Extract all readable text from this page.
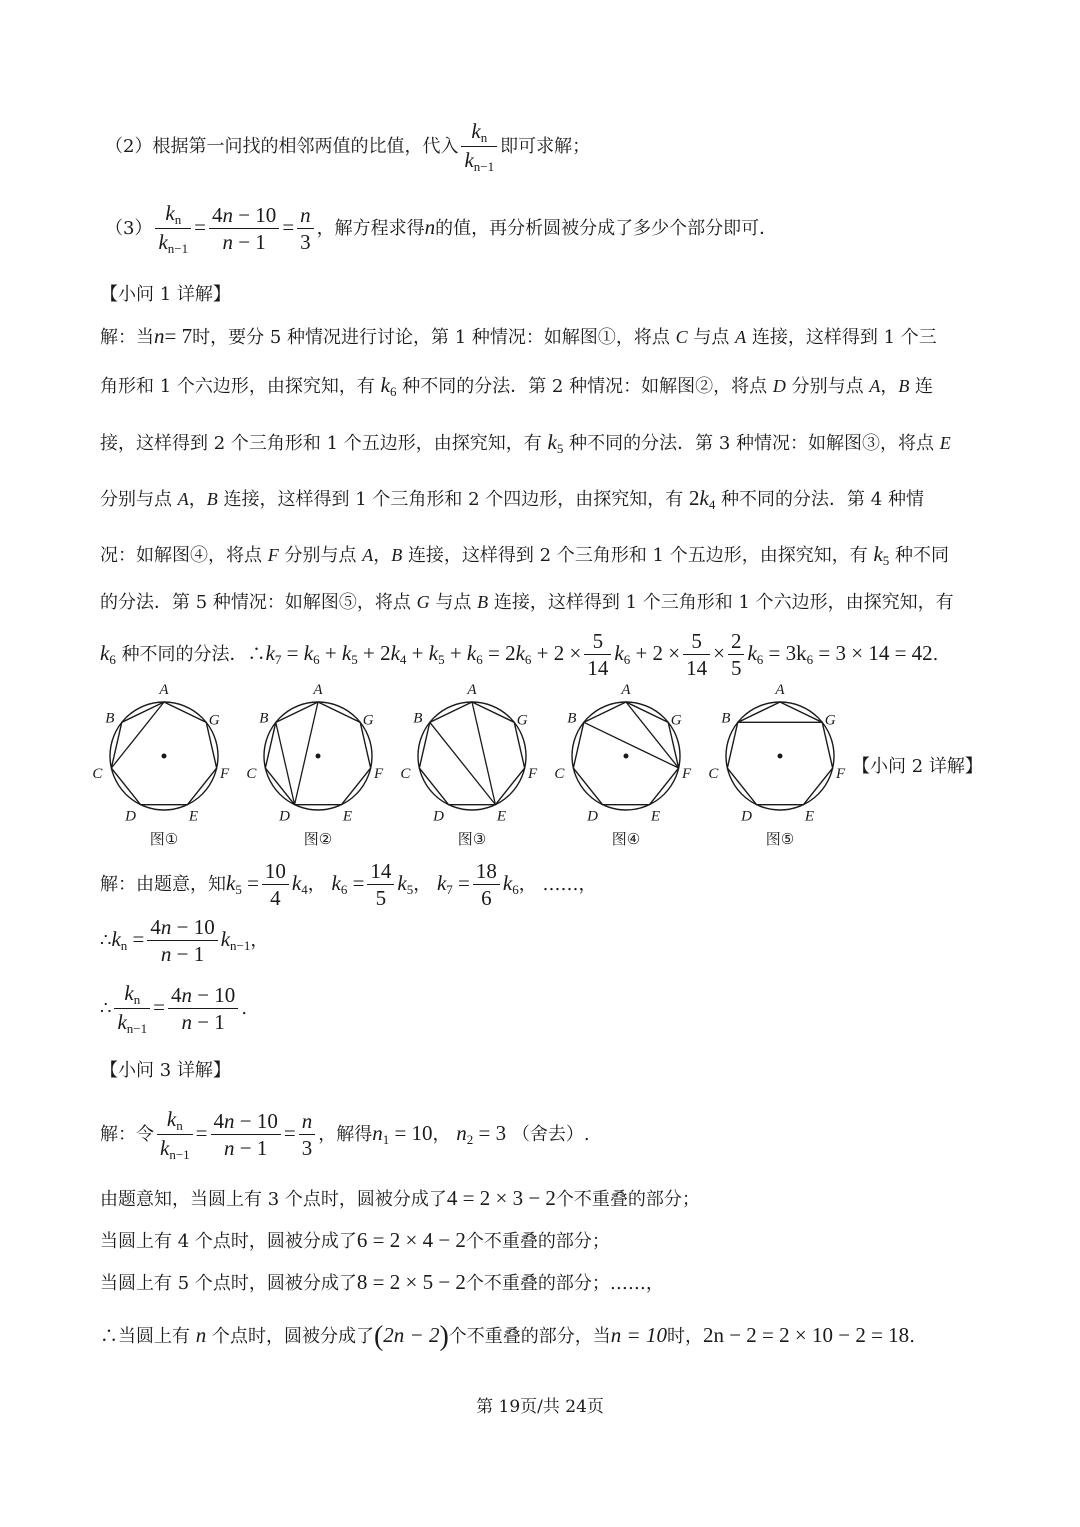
（2）根据第一问找的相邻两值的比值，代入 $\frac{k_n}{k_{n-1}}$ 即可求解；
$(3) \frac{k_n}{k_{n-1}} = \frac{4n - 10}{n - 1} = \frac{n}{3}$ ，解方程求得n的值，再分析圆被分成了多少个部分即可．
【小问 1 详解】
解：当n= 7时，要分 5 种情况进行讨论，第 1 种情况：如解图①，将点 C 与点 A 连接，这样得到 1 个三
角形和 1 个六边形，由探究知，有 $k_6$ 种不同的分法．第 2 种情况：如解图②，将点 D 分别与点 A，B 连
接，这样得到 2 个三角形和 1 个五边形，由探究知，有 $k_5$ 种不同的分法．第 3 种情况：如解图③，将点 E
分别与点 A，B 连接，这样得到 1 个三角形和 2 个四边形，由探究知，有 $2k_4$ 种不同的分法．第 4 种情
况：如解图④，将点 F 分别与点 A，B 连接，这样得到 2 个三角形和 1 个五边形，由探究知，有 $k_5$ 种不同
的分法．第 5 种情况：如解图⑤，将点 G 与点 B 连接，这样得到 1 个三角形和 1 个六边形，由探究知，有
$k_6$ 种不同的分法．$\therefore k_7 = k_6 + k_5 + 2k_4 + k_5 + k_6 = 2k_6 + 2 \times \frac{5}{14} k_6 + 2 \times \frac{5}{14} \times \frac{2}{5} k_6 = 3k_6 = 3 \times 14 = 42$.
A
B
C
D	E
F
G
图①
A
B
C
D	E
F
G
图②
A
B
C
D	E
F
G
图③
A
B
C
D	E
F
G
图④
A
B
C
D	E
F
G
图⑤
【小问 2 详解】
解：由题意，知$k_5 = \frac{10}{4} k_4$， $k_6 = \frac{14}{5} k_5$， $k_7 = \frac{18}{6} k_6$， ……，
$\therefore k_n = \frac{4n - 10}{n - 1} k_{n-1}$，
∴ $\frac{k_n}{k_{n-1}} = \frac{4n - 10}{n - 1}$ .
【小问 3 详解】
解：令 $\frac{k_n}{k_{n-1}} = \frac{4n - 10}{n - 1} = \frac{n}{3}$ ，解得$n_1 = 10$， $n_2 = 3$ （舍去）.
由题意知，当圆上有 3 个点时，圆被分成了4 = 2 × 3 − 2个不重叠的部分；
当圆上有 4 个点时，圆被分成了6 = 2 × 4 − 2个不重叠的部分；
当圆上有 5 个点时，圆被分成了8 = 2 × 5 − 2个不重叠的部分；……，
∴当圆上有 n 个点时，圆被分成了(2n − 2)个不重叠的部分，当n = 10时，2n − 2 = 2 × 10 − 2 = 18.
第 19页/共 24页
